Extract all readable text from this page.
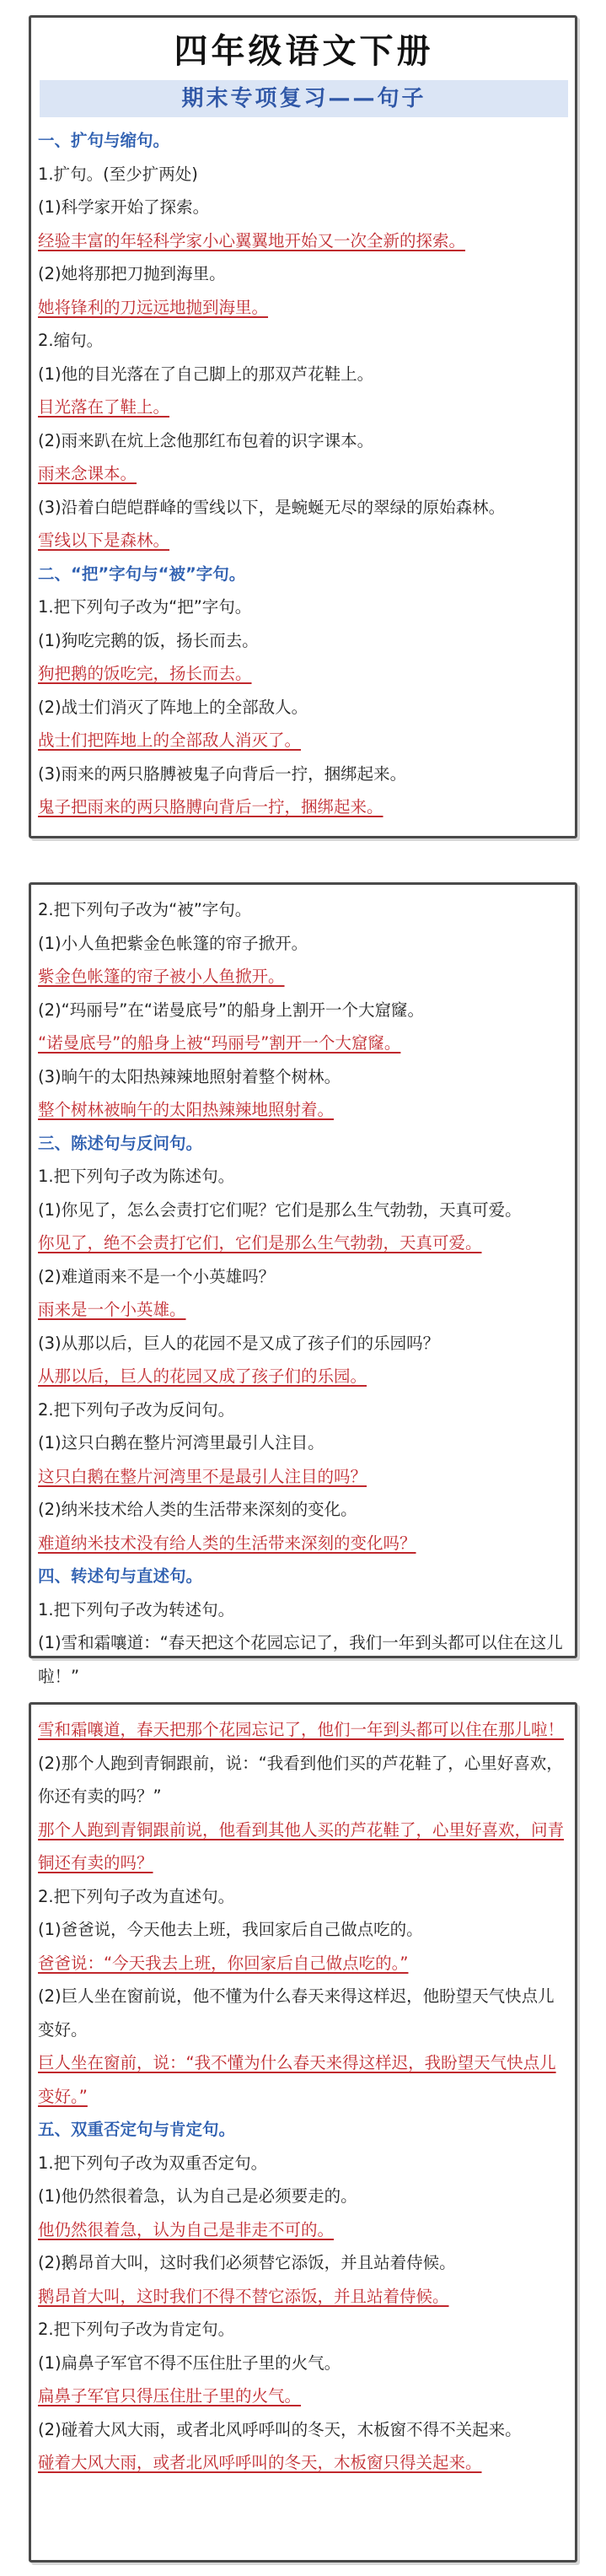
四年级语文下册
期末专项复习——句子
一、扩句与缩句。
1.扩句。(至少扩两处)
(1)科学家开始了探索。
经验丰富的年轻科学家小心翼翼地开始又一次全新的探索。
(2)她将那把刀抛到海里。
她将锋利的刀远远地抛到海里。
2.缩句。
(1)他的目光落在了自己脚上的那双芦花鞋上。
目光落在了鞋上。
(2)雨来趴在炕上念他那红布包着的识字课本。
雨来念课本。
(3)沿着白皑皑群峰的雪线以下，是蜿蜒无尽的翠绿的原始森林。
雪线以下是森林。
二、“把”字句与“被”字句。
1.把下列句子改为“把”字句。
(1)狗吃完鹅的饭，扬长而去。
狗把鹅的饭吃完，扬长而去。
(2)战士们消灭了阵地上的全部敌人。
战士们把阵地上的全部敌人消灭了。
(3)雨来的两只胳膊被鬼子向背后一拧，捆绑起来。
鬼子把雨来的两只胳膊向背后一拧，捆绑起来。
2.把下列句子改为“被”字句。
(1)小人鱼把紫金色帐篷的帘子掀开。
紫金色帐篷的帘子被小人鱼掀开。
(2)“玛丽号”在“诺曼底号”的船身上割开一个大窟窿。
“诺曼底号”的船身上被“玛丽号”割开一个大窟窿。
(3)晌午的太阳热辣辣地照射着整个树林。
整个树林被晌午的太阳热辣辣地照射着。
三、陈述句与反问句。
1.把下列句子改为陈述句。
(1)你见了，怎么会责打它们呢？它们是那么生气勃勃，天真可爱。
你见了，绝不会责打它们，它们是那么生气勃勃，天真可爱。
(2)难道雨来不是一个小英雄吗？
雨来是一个小英雄。
(3)从那以后，巨人的花园不是又成了孩子们的乐园吗？
从那以后，巨人的花园又成了孩子们的乐园。
2.把下列句子改为反问句。
(1)这只白鹅在整片河湾里最引人注目。
这只白鹅在整片河湾里不是最引人注目的吗？
(2)纳米技术给人类的生活带来深刻的变化。
难道纳米技术没有给人类的生活带来深刻的变化吗？
四、转述句与直述句。
1.把下列句子改为转述句。
(1)雪和霜嚷道：“春天把这个花园忘记了，我们一年到头都可以住在这儿啦！”
雪和霜嚷道，春天把那个花园忘记了，他们一年到头都可以住在那儿啦！
(2)那个人跑到青铜跟前，说：“我看到他们买的芦花鞋了，心里好喜欢，你还有卖的吗？”
那个人跑到青铜跟前说，他看到其他人买的芦花鞋了，心里好喜欢，问青铜还有卖的吗？
2.把下列句子改为直述句。
(1)爸爸说，今天他去上班，我回家后自己做点吃的。
爸爸说：“今天我去上班，你回家后自己做点吃的。”
(2)巨人坐在窗前说，他不懂为什么春天来得这样迟，他盼望天气快点儿变好。
巨人坐在窗前，说：“我不懂为什么春天来得这样迟，我盼望天气快点儿变好。”
五、双重否定句与肯定句。
1.把下列句子改为双重否定句。
(1)他仍然很着急，认为自己是必须要走的。
他仍然很着急，认为自己是非走不可的。
(2)鹅昂首大叫，这时我们必须替它添饭，并且站着侍候。
鹅昂首大叫，这时我们不得不替它添饭，并且站着侍候。
2.把下列句子改为肯定句。
(1)扁鼻子军官不得不压住肚子里的火气。
扁鼻子军官只得压住肚子里的火气。
(2)碰着大风大雨，或者北风呼呼叫的冬天，木板窗不得不关起来。
碰着大风大雨，或者北风呼呼叫的冬天，木板窗只得关起来。
